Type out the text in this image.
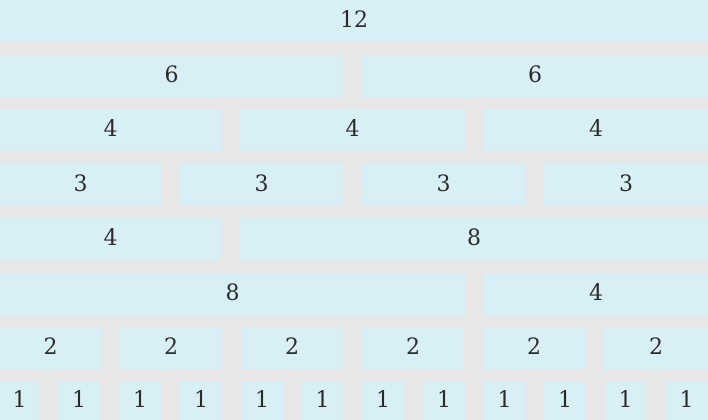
12
6	6
4	4	4
3	3	3	3
4	8
8	4
2	2	2	2	2	2
1	1	1	1	1	1	1	1	1	1	1	1
